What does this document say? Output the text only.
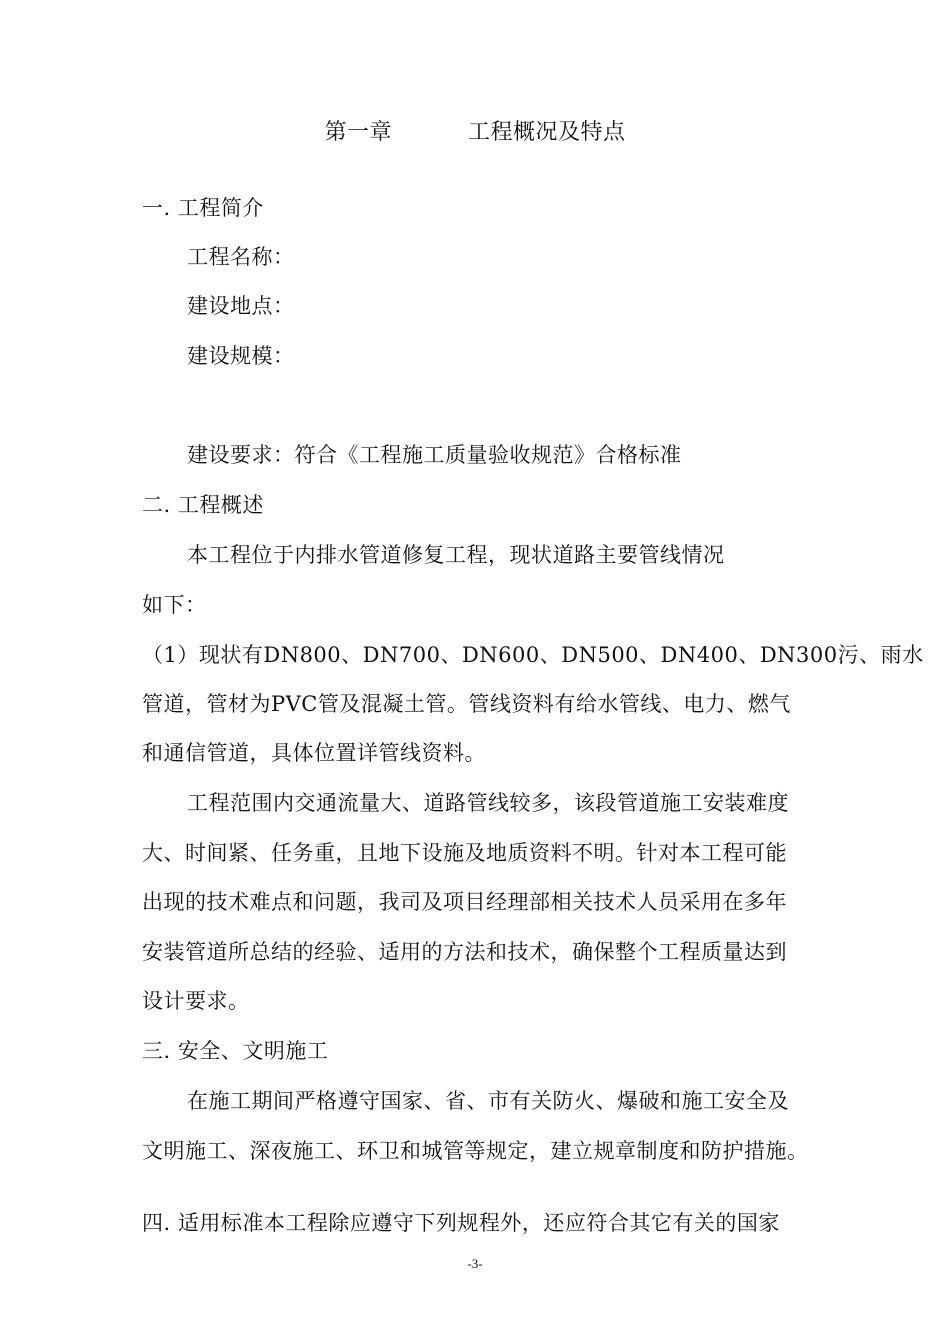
第一章	工程概况及特点
一. 工程简介
工程名称：
建设地点：
建设规模：
建设要求：符合《工程施工质量验收规范》合格标准
二. 工程概述
本工程位于内排水管道修复工程，现状道路主要管线情况
如下：
（1）现状有DN800、DN700、DN600、DN500、DN400、DN300污、雨水
管道，管材为PVC管及混凝土管。管线资料有给水管线、电力、燃气
和通信管道，具体位置详管线资料。
工程范围内交通流量大、道路管线较多，该段管道施工安装难度
大、时间紧、任务重，且地下设施及地质资料不明。针对本工程可能
出现的技术难点和问题，我司及项目经理部相关技术人员采用在多年
安装管道所总结的经验、适用的方法和技术，确保整个工程质量达到
设计要求。
三. 安全、文明施工
在施工期间严格遵守国家、省、市有关防火、爆破和施工安全及
文明施工、深夜施工、环卫和城管等规定，建立规章制度和防护措施。
四. 适用标准本工程除应遵守下列规程外，还应符合其它有关的国家
-3-
